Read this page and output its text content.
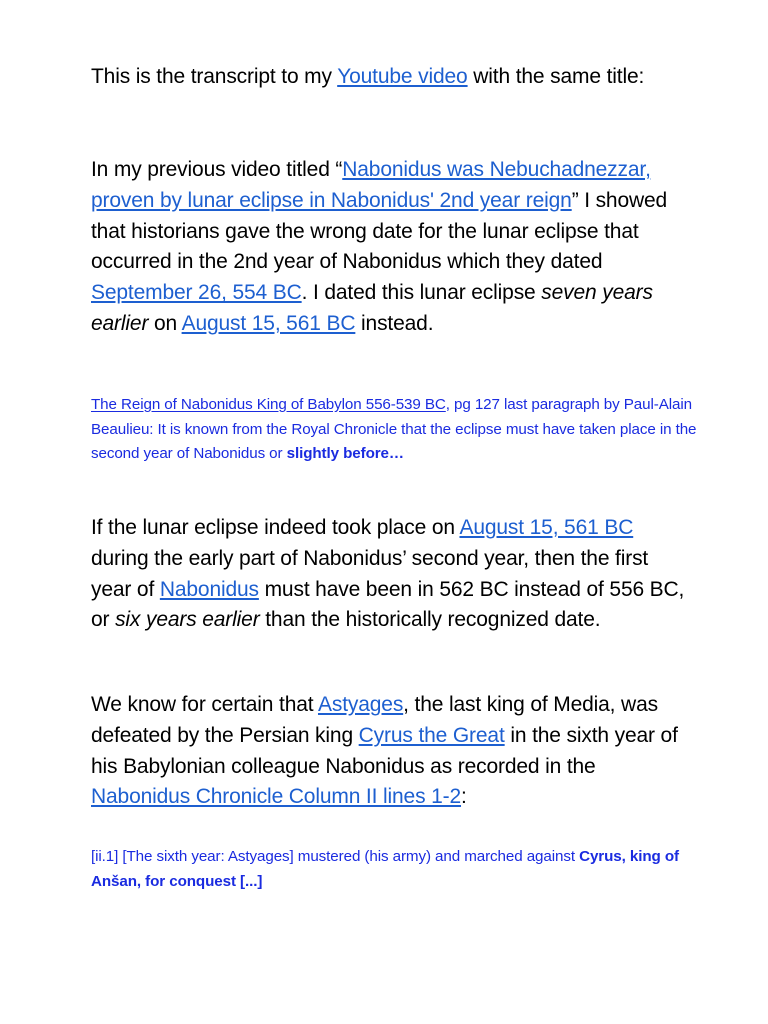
This is the transcript to my Youtube video with the same title:

In my previous video titled “Nabonidus was Nebuchadnezzar, proven by lunar eclipse in Nabonidus' 2nd year reign” I showed that historians gave the wrong date for the lunar eclipse that occurred in the 2nd year of Nabonidus which they dated September 26, 554 BC. I dated this lunar eclipse seven years earlier on August 15, 561 BC instead.

The Reign of Nabonidus King of Babylon 556-539 BC, pg 127 last paragraph by Paul-Alain Beaulieu: It is known from the Royal Chronicle that the eclipse must have taken place in the second year of Nabonidus or slightly before…

If the lunar eclipse indeed took place on August 15, 561 BC during the early part of Nabonidus’ second year, then the first year of Nabonidus must have been in 562 BC instead of 556 BC, or six years earlier than the historically recognized date.

We know for certain that Astyages, the last king of Media, was defeated by the Persian king Cyrus the Great in the sixth year of his Babylonian colleague Nabonidus as recorded in the Nabonidus Chronicle Column II lines 1-2:

[ii.1] [The sixth year: Astyages] mustered (his army) and marched against Cyrus, king of Anšan, for conquest [...]
